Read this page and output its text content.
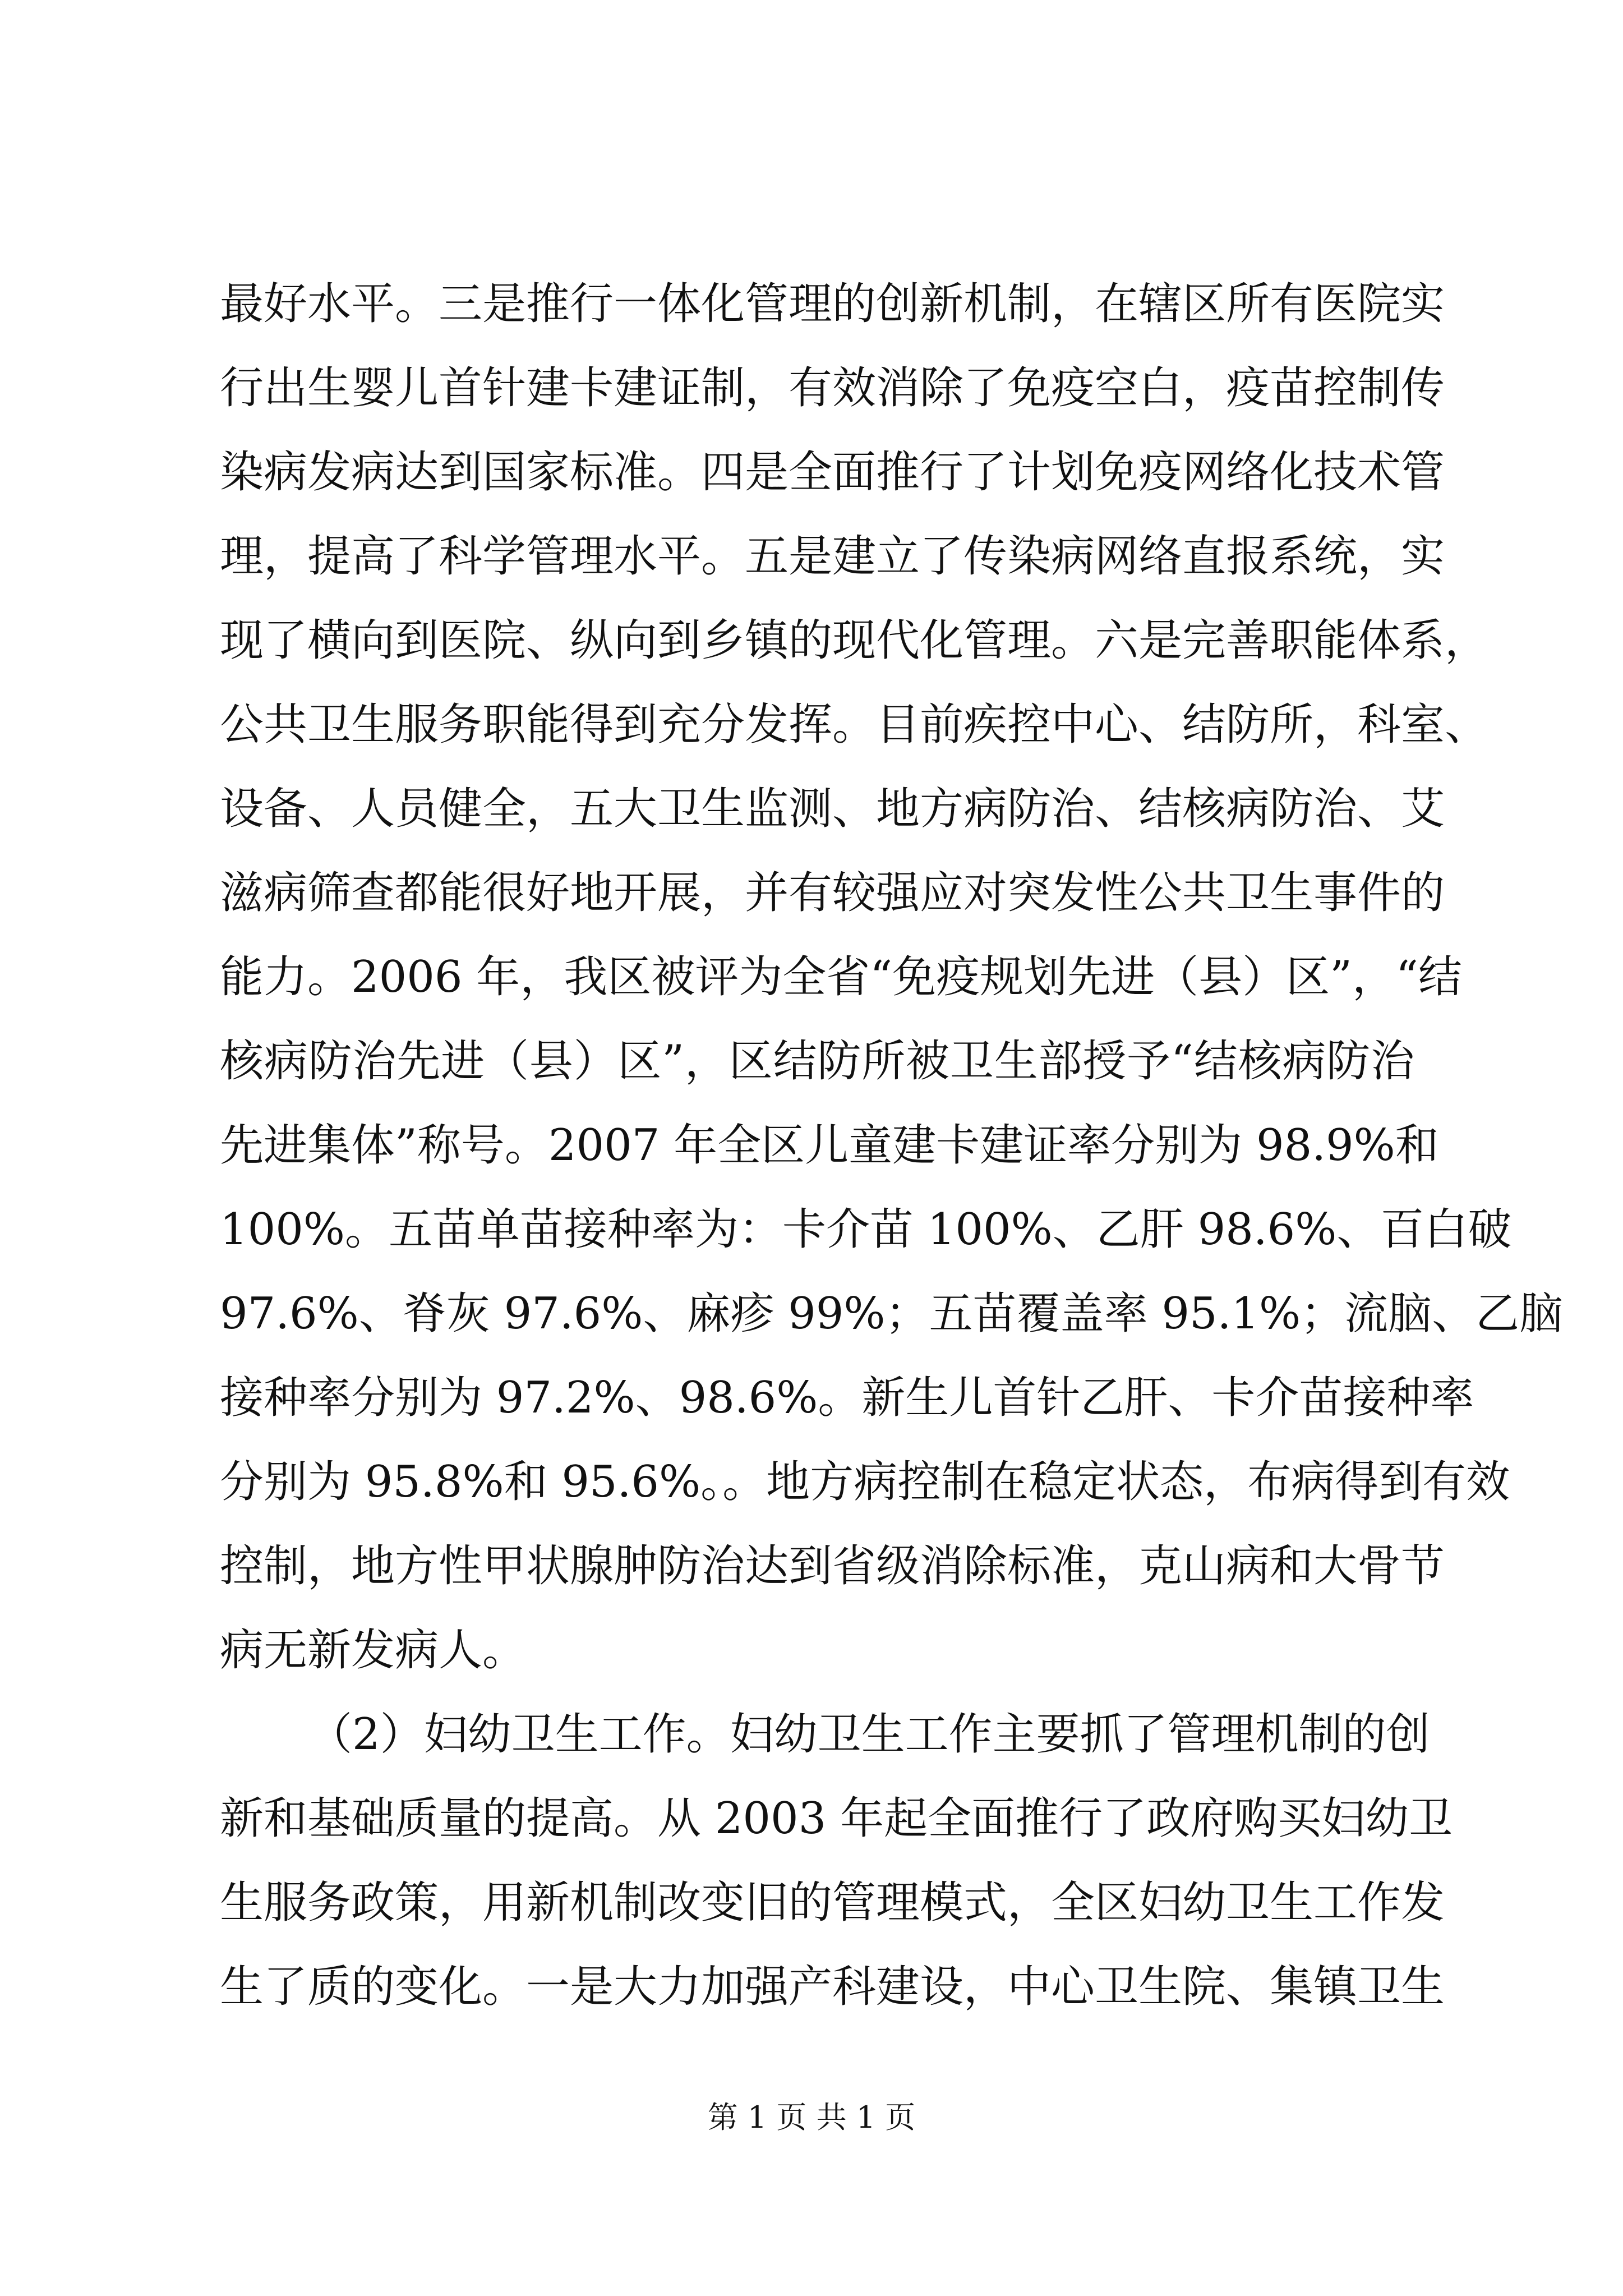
最好水平。三是推行一体化管理的创新机制，在辖区所有医院实
行出生婴儿首针建卡建证制，有效消除了免疫空白，疫苗控制传
染病发病达到国家标准。四是全面推行了计划免疫网络化技术管
理，提高了科学管理水平。五是建立了传染病网络直报系统，实
现了横向到医院、纵向到乡镇的现代化管理。六是完善职能体系，
公共卫生服务职能得到充分发挥。目前疾控中心、结防所，科室、
设备、人员健全，五大卫生监测、地方病防治、结核病防治、艾
滋病筛查都能很好地开展，并有较强应对突发性公共卫生事件的
能力。2006 年，我区被评为全省“免疫规划先进（县）区”，“结
核病防治先进（县）区”，区结防所被卫生部授予“结核病防治
先进集体”称号。2007 年全区儿童建卡建证率分别为 98.9%和
100%。五苗单苗接种率为：卡介苗 100%、乙肝 98.6%、百白破
97.6%、脊灰 97.6%、麻疹 99%；五苗覆盖率 95.1%；流脑、乙脑
接种率分别为 97.2%、98.6%。新生儿首针乙肝、卡介苗接种率
分别为 95.8%和 95.6%。。地方病控制在稳定状态，布病得到有效
控制，地方性甲状腺肿防治达到省级消除标准，克山病和大骨节
病无新发病人。
（2）妇幼卫生工作。妇幼卫生工作主要抓了管理机制的创
新和基础质量的提高。从 2003 年起全面推行了政府购买妇幼卫
生服务政策，用新机制改变旧的管理模式，全区妇幼卫生工作发
生了质的变化。一是大力加强产科建设，中心卫生院、集镇卫生
第 1 页 共 1 页
